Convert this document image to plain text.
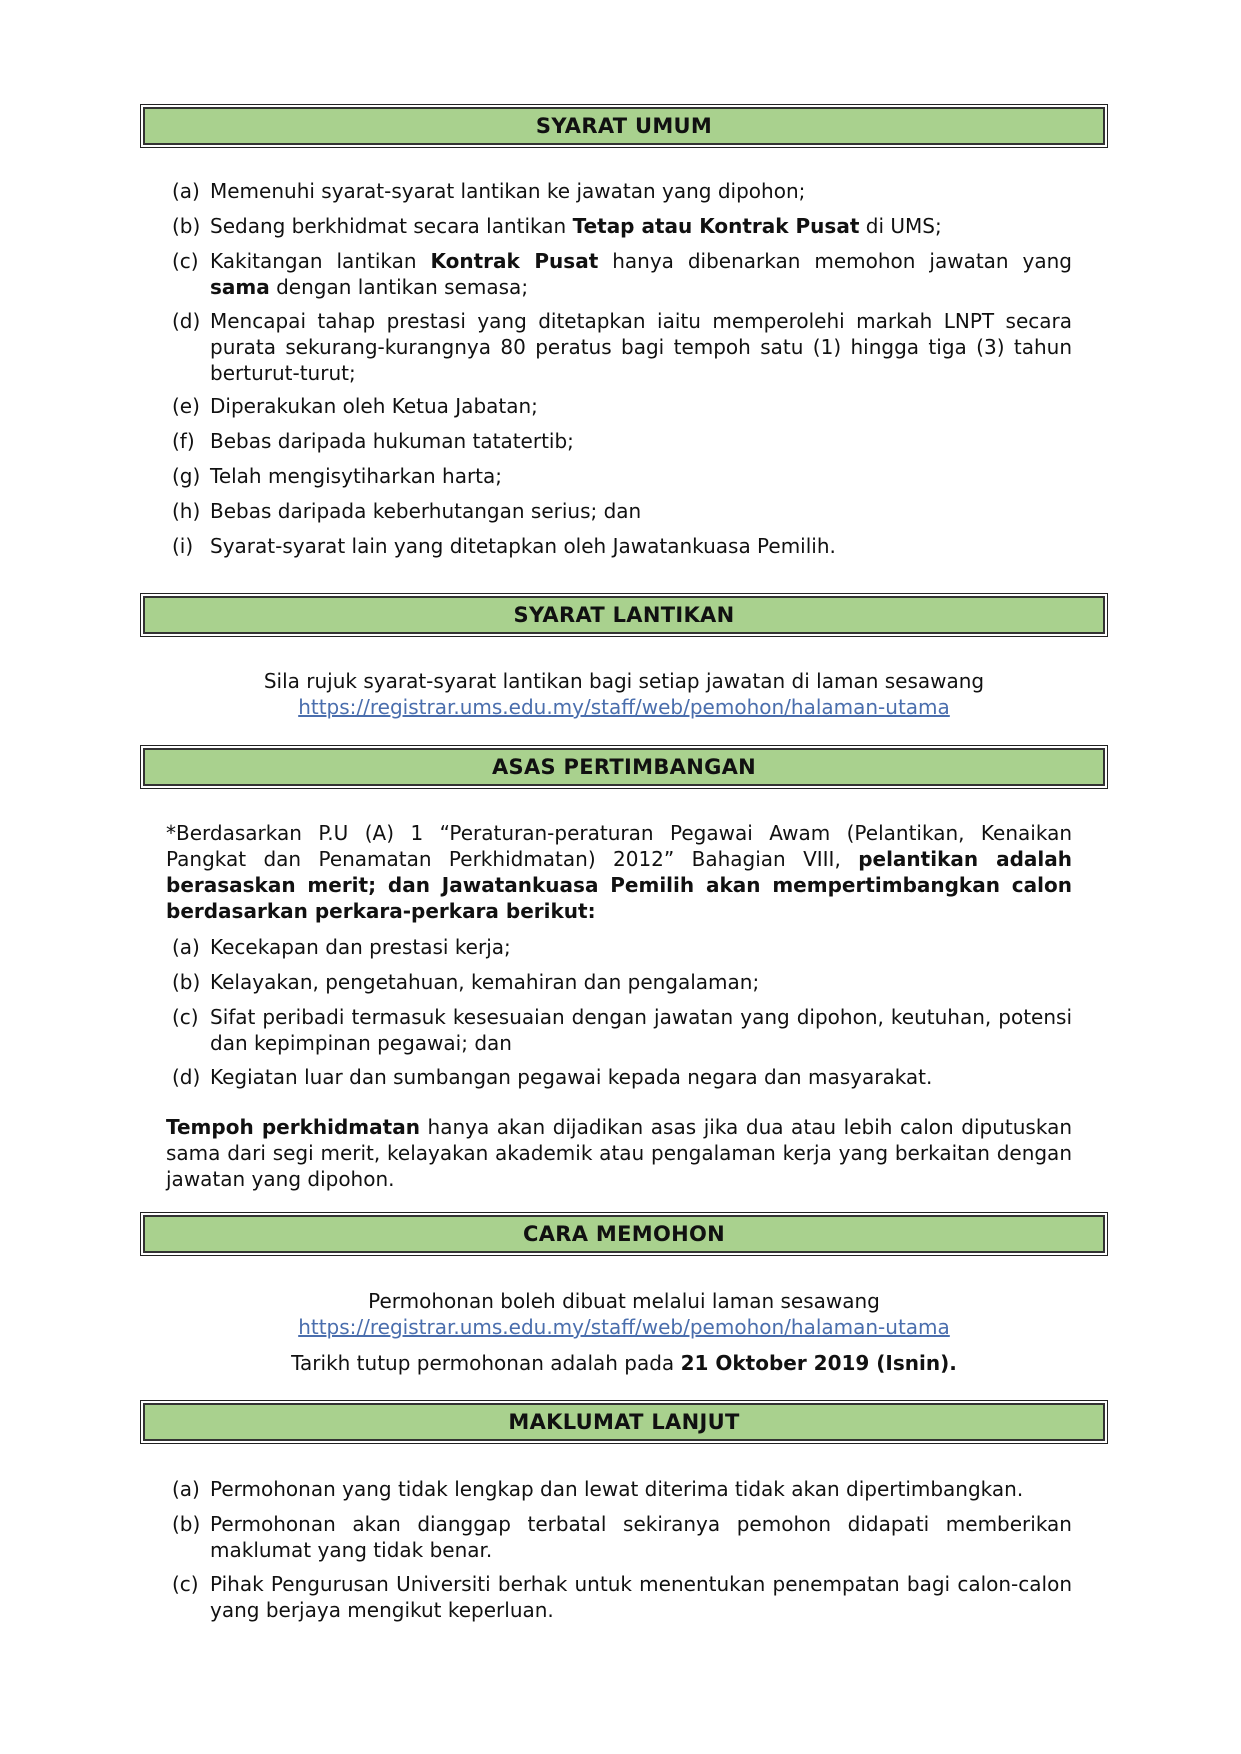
SYARAT UMUM
(a) Memenuhi syarat-syarat lantikan ke jawatan yang dipohon;
(b) Sedang berkhidmat secara lantikan Tetap atau Kontrak Pusat di UMS;
(c) Kakitangan lantikan Kontrak Pusat hanya dibenarkan memohon jawatan yang sama dengan lantikan semasa;
(d) Mencapai tahap prestasi yang ditetapkan iaitu memperolehi markah LNPT secara purata sekurang-kurangnya 80 peratus bagi tempoh satu (1) hingga tiga (3) tahun berturut-turut;
(e) Diperakukan oleh Ketua Jabatan;
(f) Bebas daripada hukuman tatatertib;
(g) Telah mengisytiharkan harta;
(h) Bebas daripada keberhutangan serius; dan
(i) Syarat-syarat lain yang ditetapkan oleh Jawatankuasa Pemilih.
SYARAT LANTIKAN
Sila rujuk syarat-syarat lantikan bagi setiap jawatan di laman sesawang
https://registrar.ums.edu.my/staff/web/pemohon/halaman-utama
ASAS PERTIMBANGAN
*Berdasarkan P.U (A) 1 “Peraturan-peraturan Pegawai Awam (Pelantikan, Kenaikan Pangkat dan Penamatan Perkhidmatan) 2012” Bahagian VIII, pelantikan adalah berasaskan merit; dan Jawatankuasa Pemilih akan mempertimbangkan calon berdasarkan perkara-perkara berikut:
(a) Kecekapan dan prestasi kerja;
(b) Kelayakan, pengetahuan, kemahiran dan pengalaman;
(c) Sifat peribadi termasuk kesesuaian dengan jawatan yang dipohon, keutuhan, potensi dan kepimpinan pegawai; dan
(d) Kegiatan luar dan sumbangan pegawai kepada negara dan masyarakat.
Tempoh perkhidmatan hanya akan dijadikan asas jika dua atau lebih calon diputuskan sama dari segi merit, kelayakan akademik atau pengalaman kerja yang berkaitan dengan jawatan yang dipohon.
CARA MEMOHON
Permohonan boleh dibuat melalui laman sesawang
https://registrar.ums.edu.my/staff/web/pemohon/halaman-utama
Tarikh tutup permohonan adalah pada 21 Oktober 2019 (Isnin).
MAKLUMAT LANJUT
(a) Permohonan yang tidak lengkap dan lewat diterima tidak akan dipertimbangkan.
(b) Permohonan akan dianggap terbatal sekiranya pemohon didapati memberikan maklumat yang tidak benar.
(c) Pihak Pengurusan Universiti berhak untuk menentukan penempatan bagi calon-calon yang berjaya mengikut keperluan.
